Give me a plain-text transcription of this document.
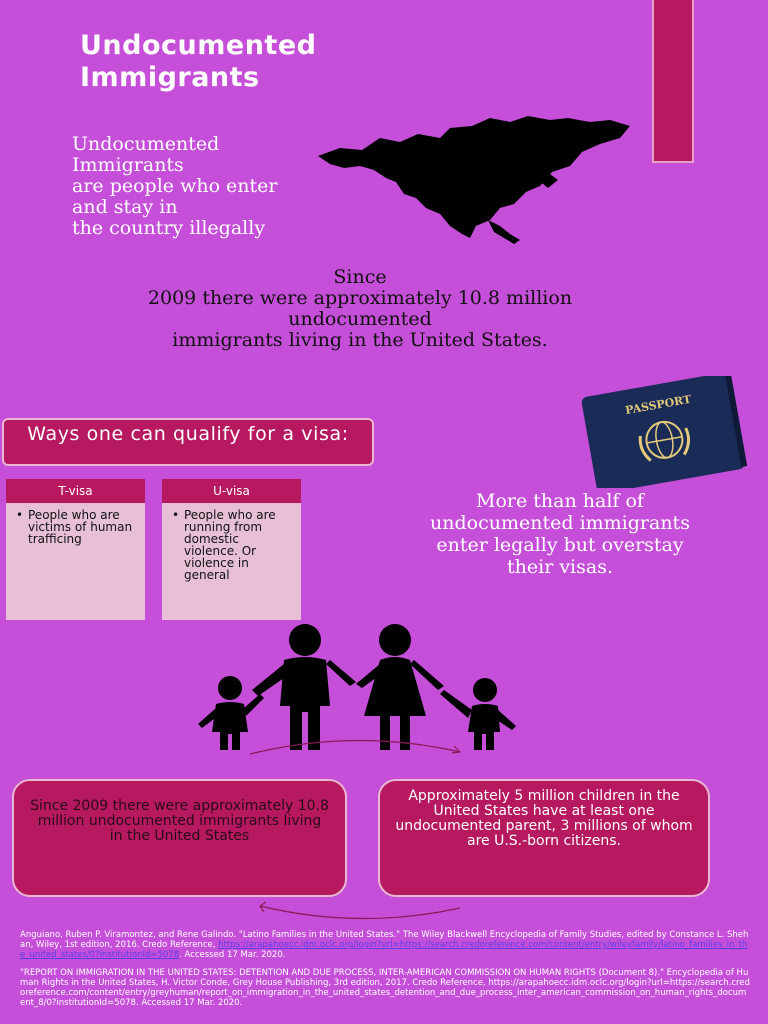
Undocumented
Immigrants
Undocumented
Immigrants
are people who enter
and stay in
the country illegally
Since
2009 there were approximately 10.8 million
undocumented
immigrants living in the United States.
PASSPORT
Ways one can qualify for a visa:
T-visa
• People who are victims of human trafficing
U-visa
• People who are running from domestic violence. Or violence in general
More than half of undocumented immigrants enter legally but overstay their visas.
Since 2009 there were approximately 10.8 million undocumented immigrants living in the United States
Approximately 5 million children in the United States have at least one undocumented parent, 3 millions of whom are U.S.-born citizens.

Anguiano, Ruben P. Viramontez, and Rene Galindo. "Latino Families in the United States." The Wiley Blackwell Encyclopedia of Family Studies, edited by Constance L. Shehan, Wiley, 1st edition, 2016. Credo Reference, https://arapahoecc.idm.oclc.org/login?url=https://search.credoreference.com/content/entry/wileyfamily/latino_families_in_the_united_states/0?institutionId=5078. Accessed 17 Mar. 2020.

"REPORT ON IMMIGRATION IN THE UNITED STATES: DETENTION AND DUE PROCESS, INTER-AMERICAN COMMISSION ON HUMAN RIGHTS (Document 8)." Encyclopedia of Human Rights in the United States, H. Victor Conde, Grey House Publishing, 3rd edition, 2017. Credo Reference, https://arapahoecc.idm.oclc.org/login?url=https://search.credoreference.com/content/entry/greyhuman/report_on_immigration_in_the_united_states_detention_and_due_process_inter_american_commission_on_human_rights_document_8/0?institutionId=5078. Accessed 17 Mar. 2020.
